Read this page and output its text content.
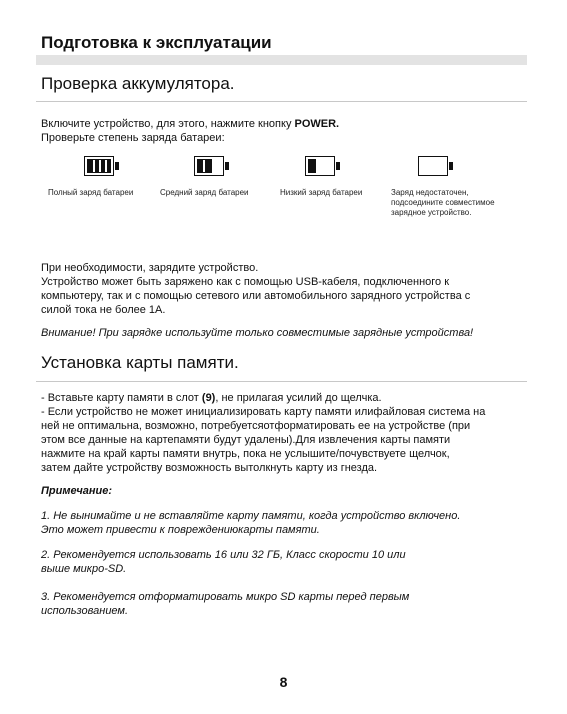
Подготовка к эксплуатации
Проверка аккумулятора.

Включите устройство, для этого, нажмите кнопку POWER.
Проверьте степень заряда батареи:

Полный заряд батареи	Средний заряд батареи	Низкий заряд батареи	Заряд недостаточен,
подсоедините совместимое
зарядное устройство.

При необходимости, зарядите устройство.
Устройство может быть заряжено как с помощью USB-кабеля, подключенного к
компьютеру, так и с помощью сетевого или автомобильного зарядного устройства с
силой тока не более 1А.

Внимание! При зарядке используйте только совместимые зарядные устройства!

Установка карты памяти.

- Вставьте карту памяти в слот (9), не прилагая усилий до щелчка.
- Если устройство не может инициализировать карту памяти илифайловая система на
ней не оптимальна, возможно, потребуетсяотформатировать ее на устройстве (при
этом все данные на картепамяти будут удалены).Для извлечения карты памяти
нажмите на край карты памяти внутрь, пока не услышите/почувствуете щелчок,
затем дайте устройству возможность вытолкнуть карту из гнезда.

Примечание:

1. Не вынимайте и не вставляйте карту памяти, когда устройство включено.
Это может привести к повреждениюкарты памяти.

2. Рекомендуется использовать 16 или 32 ГБ, Класс скорости 10 или
выше микро-SD.

3. Рекомендуется отформатировать микро SD карты перед первым
использованием.

8
